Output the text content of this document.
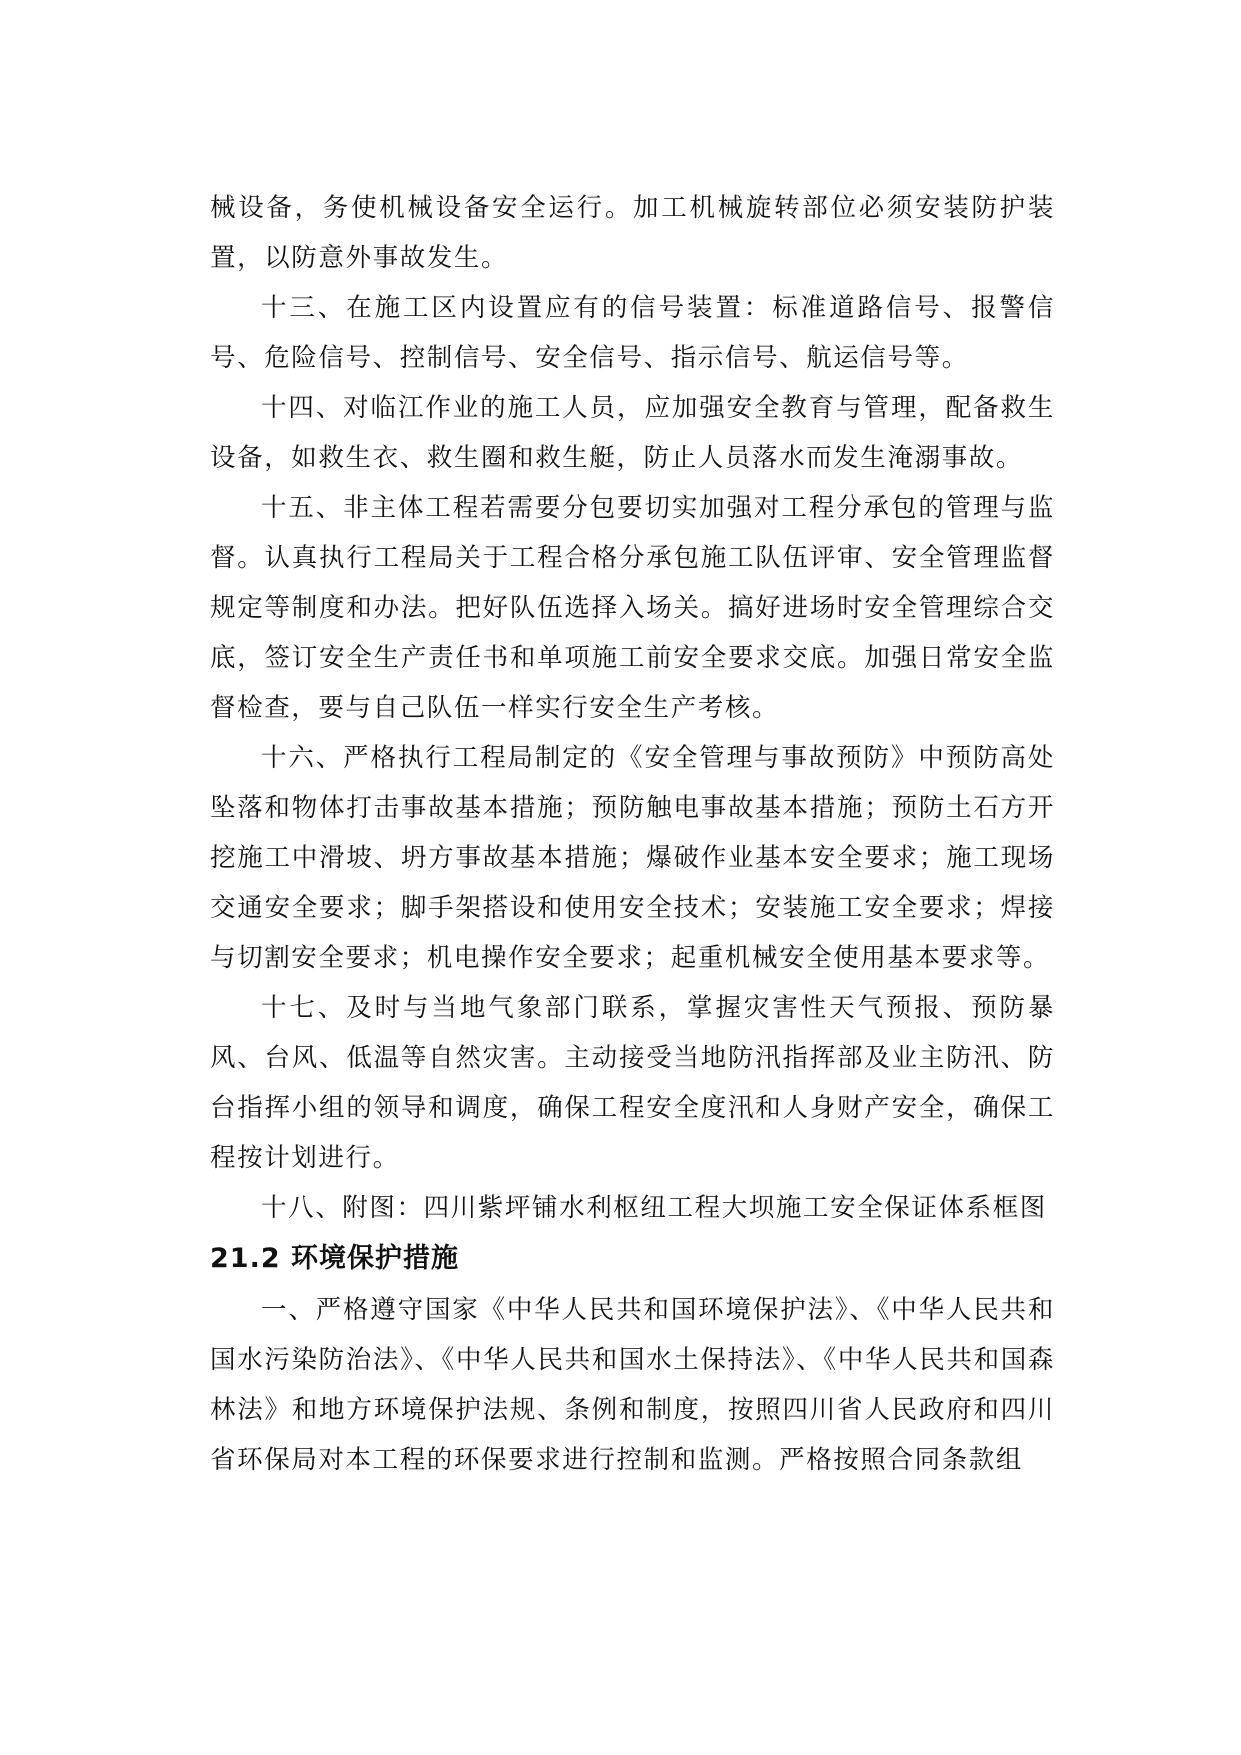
械设备，务使机械设备安全运行。加工机械旋转部位必须安装防护装置，以防意外事故发生。

十三、在施工区内设置应有的信号装置：标准道路信号、报警信号、危险信号、控制信号、安全信号、指示信号、航运信号等。

十四、对临江作业的施工人员，应加强安全教育与管理，配备救生设备，如救生衣、救生圈和救生艇，防止人员落水而发生淹溺事故。

十五、非主体工程若需要分包要切实加强对工程分承包的管理与监督。认真执行工程局关于工程合格分承包施工队伍评审、安全管理监督规定等制度和办法。把好队伍选择入场关。搞好进场时安全管理综合交底，签订安全生产责任书和单项施工前安全要求交底。加强日常安全监督检查，要与自己队伍一样实行安全生产考核。

十六、严格执行工程局制定的《安全管理与事故预防》中预防高处坠落和物体打击事故基本措施；预防触电事故基本措施；预防土石方开挖施工中滑坡、坍方事故基本措施；爆破作业基本安全要求；施工现场交通安全要求；脚手架搭设和使用安全技术；安装施工安全要求；焊接与切割安全要求；机电操作安全要求；起重机械安全使用基本要求等。

十七、及时与当地气象部门联系，掌握灾害性天气预报、预防暴风、台风、低温等自然灾害。主动接受当地防汛指挥部及业主防汛、防台指挥小组的领导和调度，确保工程安全度汛和人身财产安全，确保工程按计划进行。

十八、附图：四川紫坪铺水利枢纽工程大坝施工安全保证体系框图

21.2 环境保护措施

一、严格遵守国家《中华人民共和国环境保护法》、《中华人民共和国水污染防治法》、《中华人民共和国水土保持法》、《中华人民共和国森林法》和地方环境保护法规、条例和制度，按照四川省人民政府和四川省环保局对本工程的环保要求进行控制和监测。严格按照合同条款组
